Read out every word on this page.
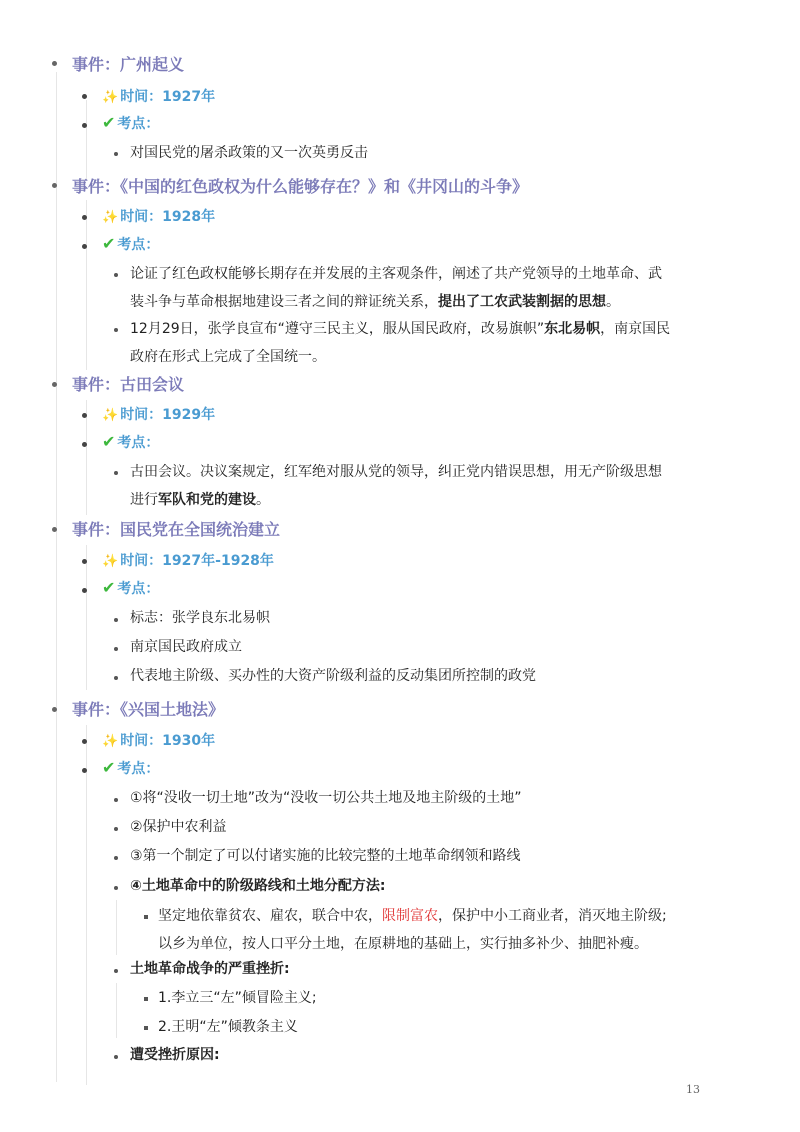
事件：广州起义
✨ 时间：1927年
✔ 考点：
对国民党的屠杀政策的又一次英勇反击
事件：《中国的红色政权为什么能够存在？》和《井冈山的斗争》
✨ 时间：1928年
✔ 考点：
论证了红色政权能够长期存在并发展的主客观条件，阐述了共产党领导的土地革命、武
装斗争与革命根据地建设三者之间的辩证统关系，提出了工农武装割据的思想。
12月29日，张学良宣布“遵守三民主义，服从国民政府，改易旗帜”东北易帜，南京国民
政府在形式上完成了全国统一。
事件：古田会议
✨ 时间：1929年
✔ 考点：
古田会议。决议案规定，红军绝对服从党的领导，纠正党内错误思想，用无产阶级思想
进行军队和党的建设。
事件：国民党在全国统治建立
✨ 时间：1927年-1928年
✔ 考点：
标志：张学良东北易帜
南京国民政府成立
代表地主阶级、买办性的大资产阶级利益的反动集团所控制的政党
事件：《兴国土地法》
✨ 时间：1930年
✔ 考点：
①将“没收一切土地”改为“没收一切公共土地及地主阶级的土地”
②保护中农利益
③第一个制定了可以付诸实施的比较完整的土地革命纲领和路线
④土地革命中的阶级路线和土地分配方法:
坚定地依靠贫农、雇农，联合中农，限制富农，保护中小工商业者，消灭地主阶级;
以乡为单位，按人口平分土地，在原耕地的基础上，实行抽多补少、抽肥补瘦。
土地革命战争的严重挫折:
1.李立三“左”倾冒险主义;
2.王明“左”倾教条主义
遭受挫折原因:
13
